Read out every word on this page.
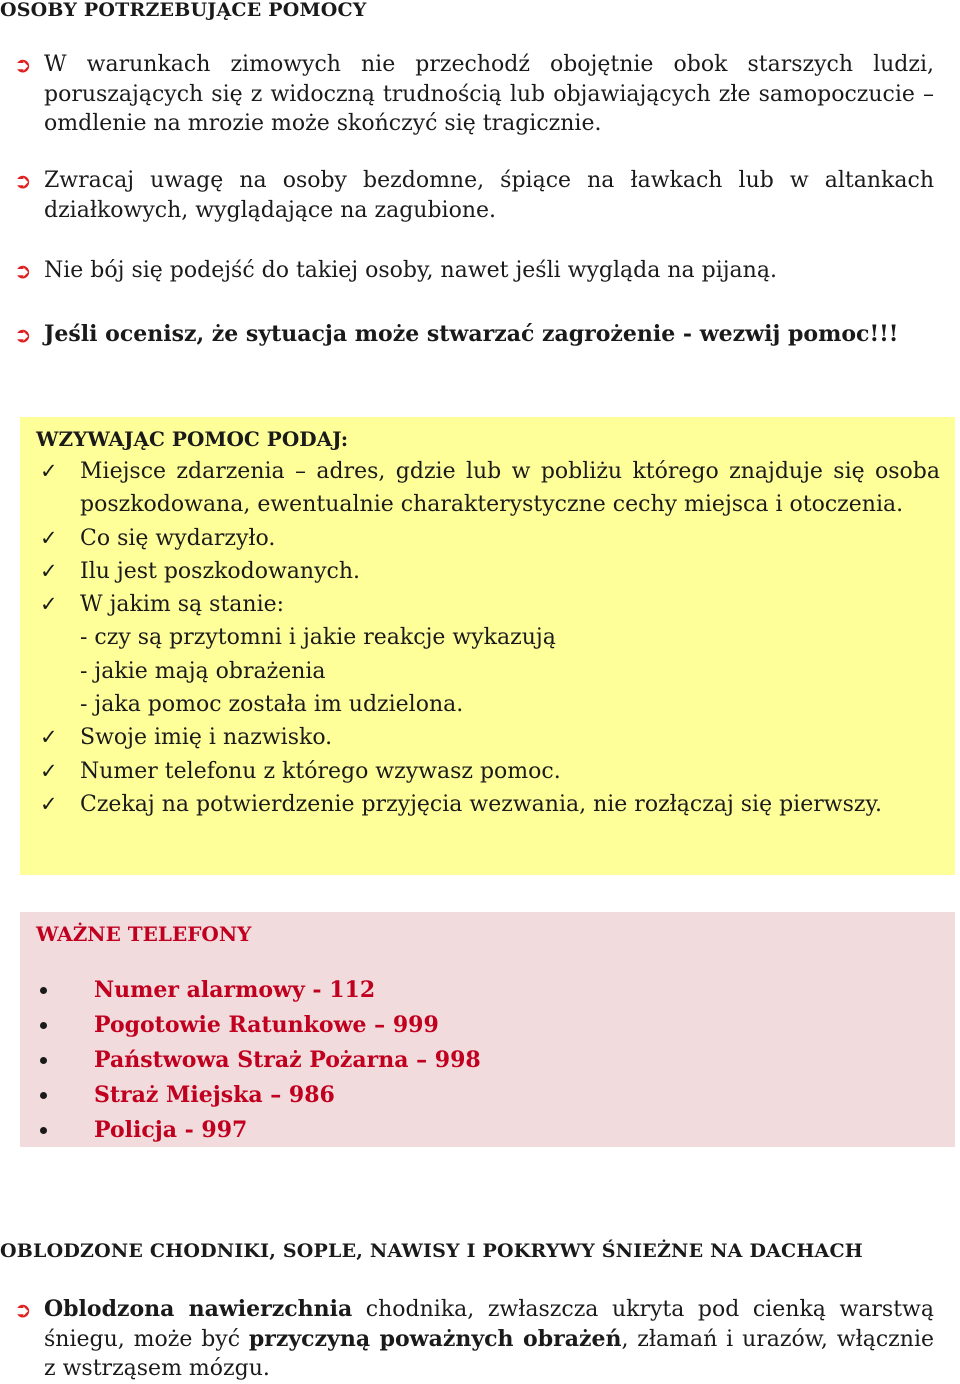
OSOBY POTRZEBUJĄCE POMOCY

➲ W warunkach zimowych nie przechodź obojętnie obok starszych ludzi, poruszających się z widoczną trudnością lub objawiających złe samopoczucie – omdlenie na mrozie może skończyć się tragicznie.

➲ Zwracaj uwagę na osoby bezdomne, śpiące na ławkach lub w altankach działkowych, wyglądające na zagubione.

➲ Nie bój się podejść do takiej osoby, nawet jeśli wygląda na pijaną.

➲ Jeśli ocenisz, że sytuacja może stwarzać zagrożenie - wezwij pomoc!!!

WZYWAJĄC POMOC PODAJ:
✓ Miejsce zdarzenia – adres, gdzie lub w pobliżu którego znajduje się osoba poszkodowana, ewentualnie charakterystyczne cechy miejsca i otoczenia.
✓ Co się wydarzyło.
✓ Ilu jest poszkodowanych.
✓ W jakim są stanie:
- czy są przytomni i jakie reakcje wykazują
- jakie mają obrażenia
- jaka pomoc została im udzielona.
✓ Swoje imię i nazwisko.
✓ Numer telefonu z którego wzywasz pomoc.
✓ Czekaj na potwierdzenie przyjęcia wezwania, nie rozłączaj się pierwszy.
WAŻNE TELEFONY
Numer alarmowy - 112
Pogotowie Ratunkowe – 999
Państwowa Straż Pożarna – 998
Straż Miejska – 986
Policja - 997
OBLODZONE CHODNIKI, SOPLE, NAWISY I POKRYWY ŚNIEŻNE NA DACHACH

➲ Oblodzona nawierzchnia chodnika, zwłaszcza ukryta pod cienką warstwą śniegu, może być przyczyną poważnych obrażeń, złamań i urazów, włącznie z wstrząsem mózgu.
